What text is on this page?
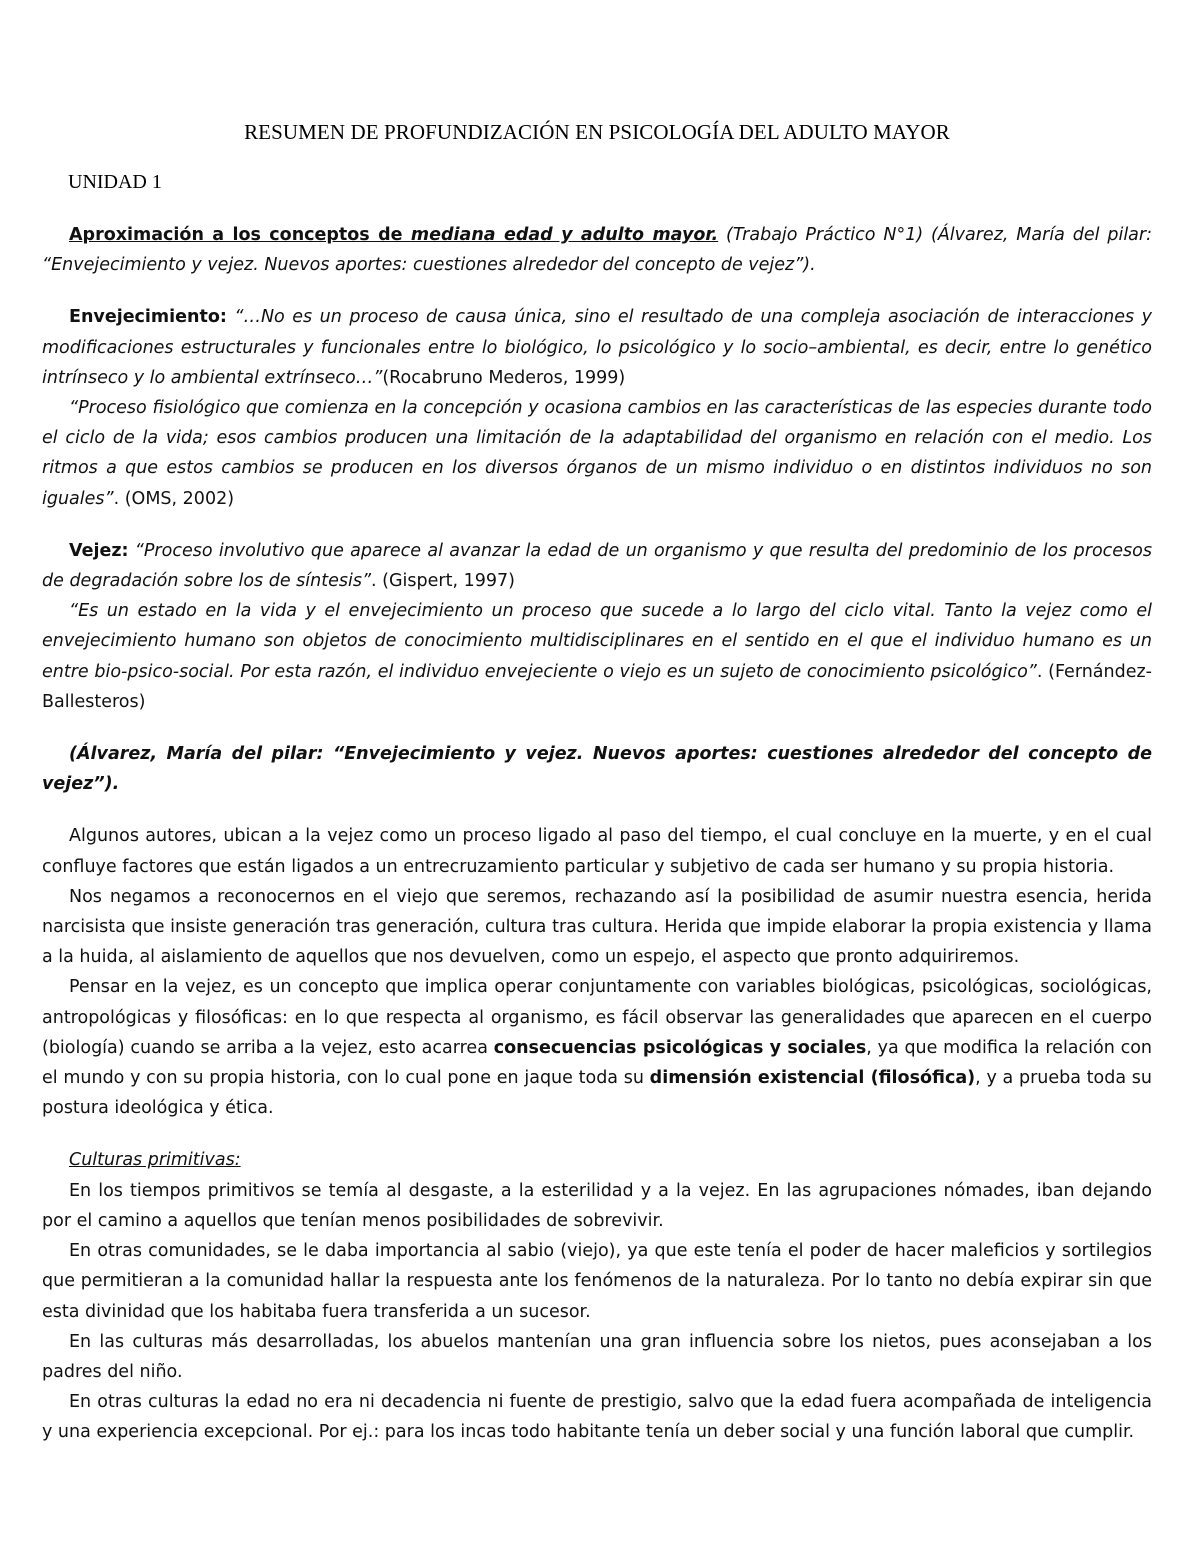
RESUMEN DE PROFUNDIZACIÓN EN PSICOLOGÍA DEL ADULTO MAYOR
UNIDAD 1

Aproximación a los conceptos de mediana edad y adulto mayor. (Trabajo Práctico N°1) (Álvarez, María del pilar: “Envejecimiento y vejez. Nuevos aportes: cuestiones alrededor del concepto de vejez”).

Envejecimiento: “…No es un proceso de causa única, sino el resultado de una compleja asociación de interacciones y modificaciones estructurales y funcionales entre lo biológico, lo psicológico y lo socio–ambiental, es decir, entre lo genético intrínseco y lo ambiental extrínseco…”(Rocabruno Mederos, 1999)

“Proceso fisiológico que comienza en la concepción y ocasiona cambios en las características de las especies durante todo el ciclo de la vida; esos cambios producen una limitación de la adaptabilidad del organismo en relación con el medio. Los ritmos a que estos cambios se producen en los diversos órganos de un mismo individuo o en distintos individuos no son iguales”. (OMS, 2002)

Vejez: “Proceso involutivo que aparece al avanzar la edad de un organismo y que resulta del predominio de los procesos de degradación sobre los de síntesis”. (Gispert, 1997)

“Es un estado en la vida y el envejecimiento un proceso que sucede a lo largo del ciclo vital. Tanto la vejez como el envejecimiento humano son objetos de conocimiento multidisciplinares en el sentido en el que el individuo humano es un entre bio-psico-social. Por esta razón, el individuo envejeciente o viejo es un sujeto de conocimiento psicológico”. (Fernández-Ballesteros)

(Álvarez, María del pilar: “Envejecimiento y vejez. Nuevos aportes: cuestiones alrededor del concepto de vejez”).

Algunos autores, ubican a la vejez como un proceso ligado al paso del tiempo, el cual concluye en la muerte, y en el cual confluye factores que están ligados a un entrecruzamiento particular y subjetivo de cada ser humano y su propia historia.

Nos negamos a reconocernos en el viejo que seremos, rechazando así la posibilidad de asumir nuestra esencia, herida narcisista que insiste generación tras generación, cultura tras cultura. Herida que impide elaborar la propia existencia y llama a la huida, al aislamiento de aquellos que nos devuelven, como un espejo, el aspecto que pronto adquiriremos.

Pensar en la vejez, es un concepto que implica operar conjuntamente con variables biológicas, psicológicas, sociológicas, antropológicas y filosóficas: en lo que respecta al organismo, es fácil observar las generalidades que aparecen en el cuerpo (biología) cuando se arriba a la vejez, esto acarrea consecuencias psicológicas y sociales, ya que modifica la relación con el mundo y con su propia historia, con lo cual pone en jaque toda su dimensión existencial (filosófica), y a prueba toda su postura ideológica y ética.

Culturas primitivas:

En los tiempos primitivos se temía al desgaste, a la esterilidad y a la vejez. En las agrupaciones nómades, iban dejando por el camino a aquellos que tenían menos posibilidades de sobrevivir.

En otras comunidades, se le daba importancia al sabio (viejo), ya que este tenía el poder de hacer maleficios y sortilegios que permitieran a la comunidad hallar la respuesta ante los fenómenos de la naturaleza. Por lo tanto no debía expirar sin que esta divinidad que los habitaba fuera transferida a un sucesor.

En las culturas más desarrolladas, los abuelos mantenían una gran influencia sobre los nietos, pues aconsejaban a los padres del niño.

En otras culturas la edad no era ni decadencia ni fuente de prestigio, salvo que la edad fuera acompañada de inteligencia y una experiencia excepcional. Por ej.: para los incas todo habitante tenía un deber social y una función laboral que cumplir.
